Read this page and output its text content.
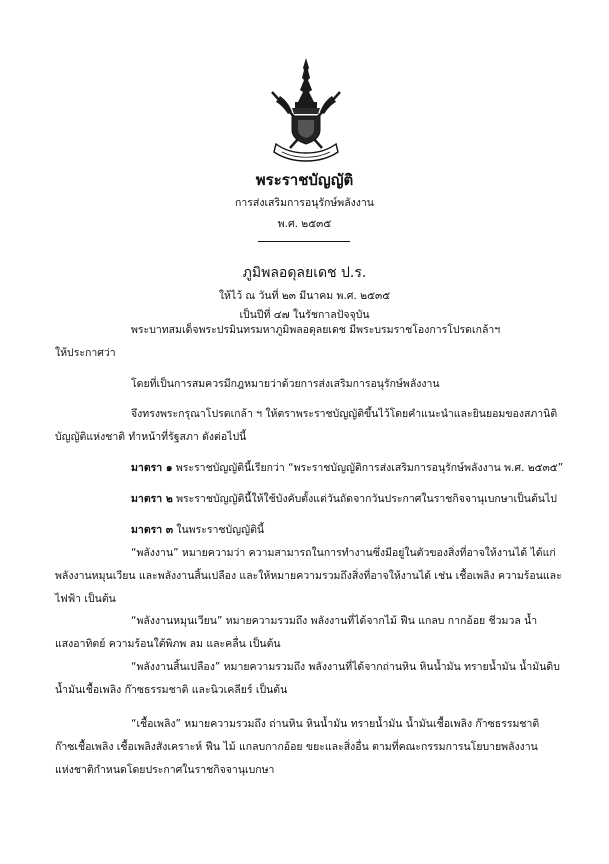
พระราชบัญญัติ
การส่งเสริมการอนุรักษ์พลังงาน
พ.ศ. ๒๕๓๕
ภูมิพลอดุลยเดช ป.ร.
ให้ไว้ ณ วันที่ ๒๓ มีนาคม พ.ศ. ๒๕๓๕
เป็นปีที่ ๔๗ ในรัชกาลปัจจุบัน
พระบาทสมเด็จพระปรมินทรมหาภูมิพลอดุลยเดช มีพระบรมราชโองการโปรดเกล้าฯ
ให้ประกาศว่า
โดยที่เป็นการสมควรมีกฎหมายว่าด้วยการส่งเสริมการอนุรักษ์พลังงาน
จึงทรงพระกรุณาโปรดเกล้า ฯ ให้ตราพระราชบัญญัติขึ้นไว้โดยคำแนะนำและยินยอมของสภานิติ
บัญญัติแห่งชาติ ทำหน้าที่รัฐสภา ดังต่อไปนี้
มาตรา ๑ พระราชบัญญัตินี้เรียกว่า “พระราชบัญญัติการส่งเสริมการอนุรักษ์พลังงาน พ.ศ. ๒๕๓๕”
มาตรา ๒ พระราชบัญญัตินี้ให้ใช้บังคับตั้งแต่วันถัดจากวันประกาศในราชกิจจานุเบกษาเป็นต้นไป
มาตรา ๓ ในพระราชบัญญัตินี้
“พลังงาน” หมายความว่า ความสามารถในการทำงานซึ่งมีอยู่ในตัวของสิ่งที่อาจให้งานได้ ได้แก่
พลังงานหมุนเวียน และพลังงานสิ้นเปลือง และให้หมายความรวมถึงสิ่งที่อาจให้งานได้ เช่น เชื้อเพลิง ความร้อนและ
ไฟฟ้า เป็นต้น
“พลังงานหมุนเวียน” หมายความรวมถึง พลังงานที่ได้จากไม้ ฟืน แกลบ กากอ้อย ชีวมวล น้ำ
แสงอาทิตย์ ความร้อนใต้พิภพ ลม และคลื่น เป็นต้น
“พลังงานสิ้นเปลือง” หมายความรวมถึง พลังงานที่ได้จากถ่านหิน หินน้ำมัน ทรายน้ำมัน น้ำมันดิบ
น้ำมันเชื้อเพลิง ก๊าซธรรมชาติ และนิวเคลียร์ เป็นต้น
“เชื้อเพลิง” หมายความรวมถึง ถ่านหิน หินน้ำมัน ทรายน้ำมัน น้ำมันเชื้อเพลิง ก๊าซธรรมชาติ
ก๊าซเชื้อเพลิง เชื้อเพลิงสังเคราะห์ ฟืน ไม้ แกลบกากอ้อย ขยะและสิ่งอื่น ตามที่คณะกรรมการนโยบายพลังงาน
แห่งชาติกำหนดโดยประกาศในราชกิจจานุเบกษา
